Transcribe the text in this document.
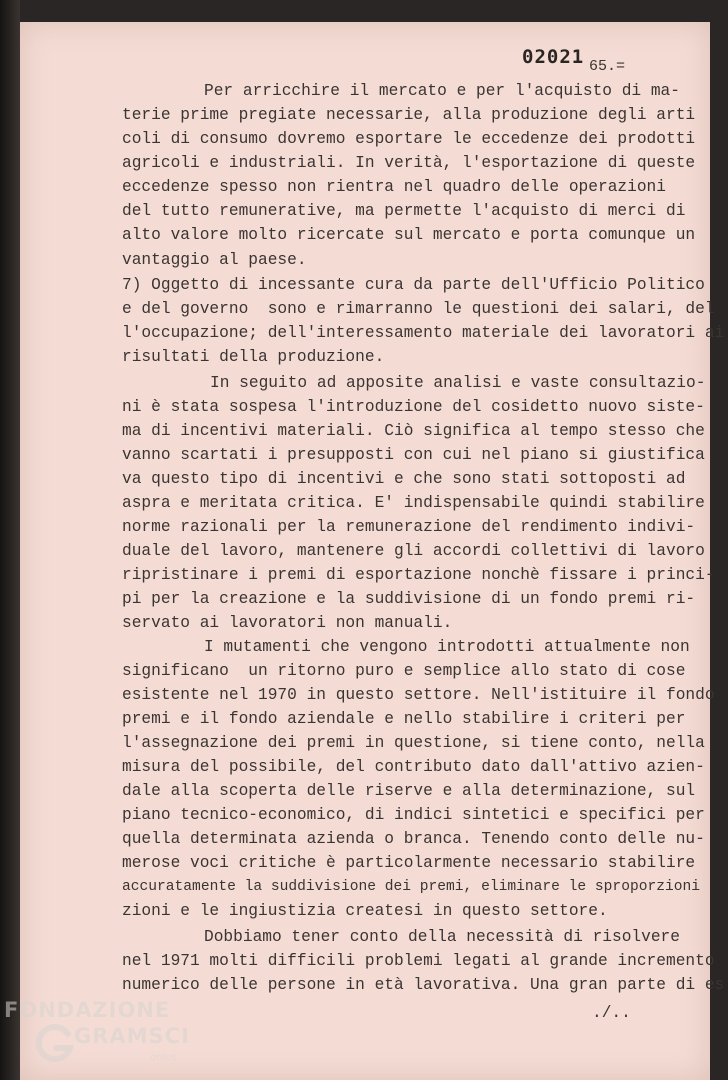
02021 65.=
Per arricchire il mercato e per l'acquisto di ma-
terie prime pregiate necessarie, alla produzione degli arti
coli di consumo dovremo esportare le eccedenze dei prodotti
agricoli e industriali. In verità, l'esportazione di queste
eccedenze spesso non rientra nel quadro delle operazioni
del tutto remunerative, ma permette l'acquisto di merci di
alto valore molto ricercate sul mercato e porta comunque un
vantaggio al paese.
7) Oggetto di incessante cura da parte dell'Ufficio Politico
e del governo  sono e rimarranno le questioni dei salari, del
l'occupazione; dell'interessamento materiale dei lavoratori ai
risultati della produzione.
In seguito ad apposite analisi e vaste consultazio-
ni è stata sospesa l'introduzione del cosidetto nuovo siste-
ma di incentivi materiali. Ciò significa al tempo stesso che
vanno scartati i presupposti con cui nel piano si giustifica
va questo tipo di incentivi e che sono stati sottoposti ad
aspra e meritata critica. E' indispensabile quindi stabilire
norme razionali per la remunerazione del rendimento indivi-
duale del lavoro, mantenere gli accordi collettivi di lavoro
ripristinare i premi di esportazione nonchè fissare i princi-
pi per la creazione e la suddivisione di un fondo premi ri-
servato ai lavoratori non manuali.
I mutamenti che vengono introdotti attualmente non
significano  un ritorno puro e semplice allo stato di cose
esistente nel 1970 in questo settore. Nell'istituire il fondo
premi e il fondo aziendale e nello stabilire i criteri per
l'assegnazione dei premi in questione, si tiene conto, nella
misura del possibile, del contributo dato dall'attivo azien-
dale alla scoperta delle riserve e alla determinazione, sul
piano tecnico-economico, di indici sintetici e specifici per
quella determinata azienda o branca. Tenendo conto delle nu-
merose voci critiche è particolarmente necessario stabilire
accuratamente la suddivisione dei premi, eliminare le sproporzioni
zioni e le ingiustizia createsi in questo settore.
Dobbiamo tener conto della necessità di risolvere
nel 1971 molti difficili problemi legati al grande incremento
numerico delle persone in età lavorativa. Una gran parte di es
./..
FONDAZIONE
GRAMSCI
onlus
